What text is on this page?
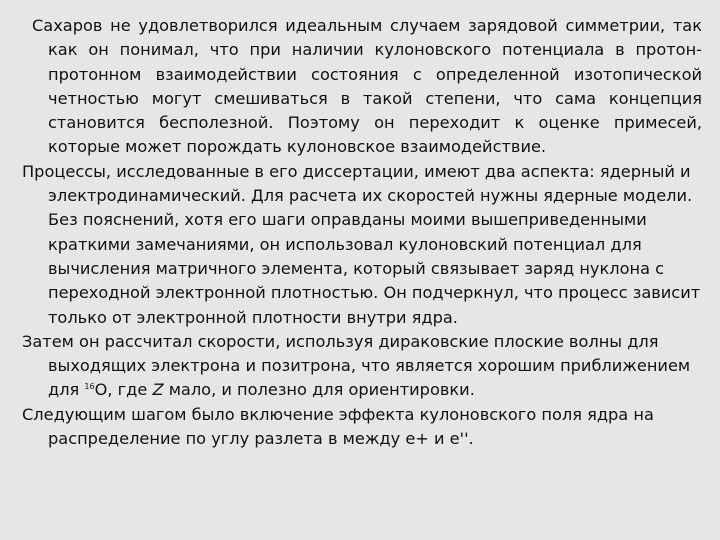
Сахаров не удовлетворился идеальным случаем зарядовой симметрии, так как он понимал, что при наличии кулоновского потенциала в протон-протонном взаимодействии состояния с определенной изотопической четностью могут смешиваться в такой степени, что сама концепция становится бесполезной. Поэтому он переходит к оценке примесей, которые может порождать кулоновское взаимодействие.

Процессы, исследованные в его диссертации, имеют два аспекта: ядерный и электродинамический. Для расчета их скоростей нужны ядерные модели. Без пояснений, хотя его шаги оправданы моими вышеприведенными краткими замечаниями, он использовал кулоновский потенциал для вычисления матричного элемента, который связывает заряд нуклона с переходной электронной плотностью. Он подчеркнул, что процесс зависит только от электронной плотности внутри ядра.

Затем он рассчитал скорости, используя дираковские плоские волны для выходящих электрона и позитрона, что является хорошим приближением для $^{16}$O, где Z мало, и полезно для ориентировки.

Следующим шагом было включение эффекта кулоновского поля ядра на распределение по углу разлета в между е+ и е''.
